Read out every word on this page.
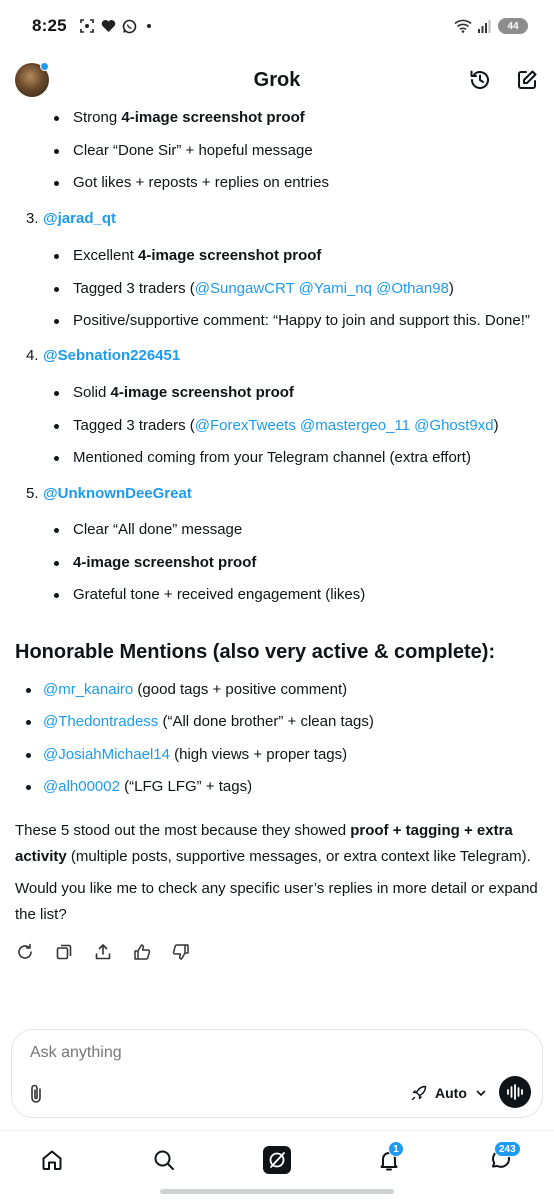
8:25	44
Grok
Strong 4-image screenshot proof
Clear “Done Sir” + hopeful message
Got likes + reposts + replies on entries
3. @jarad_qt
Excellent 4-image screenshot proof
Tagged 3 traders (@SungawCRT @Yami_nq @Othan98)
Positive/supportive comment: “Happy to join and support this. Done!”
4. @Sebnation226451
Solid 4-image screenshot proof
Tagged 3 traders (@ForexTweets @mastergeo_11 @Ghost9xd)
Mentioned coming from your Telegram channel (extra effort)
5. @UnknownDeeGreat
Clear “All done” message
4-image screenshot proof
Grateful tone + received engagement (likes)
Honorable Mentions (also very active & complete):
@mr_kanairo (good tags + positive comment)
@Thedontradess (“All done brother” + clean tags)
@JosiahMichael14 (high views + proper tags)
@alh00002 (“LFG LFG” + tags)
These 5 stood out the most because they showed proof + tagging + extra activity (multiple posts, supportive messages, or extra context like Telegram).
Would you like me to check any specific user’s replies in more detail or expand the list?
Ask anything
Auto
1	243
